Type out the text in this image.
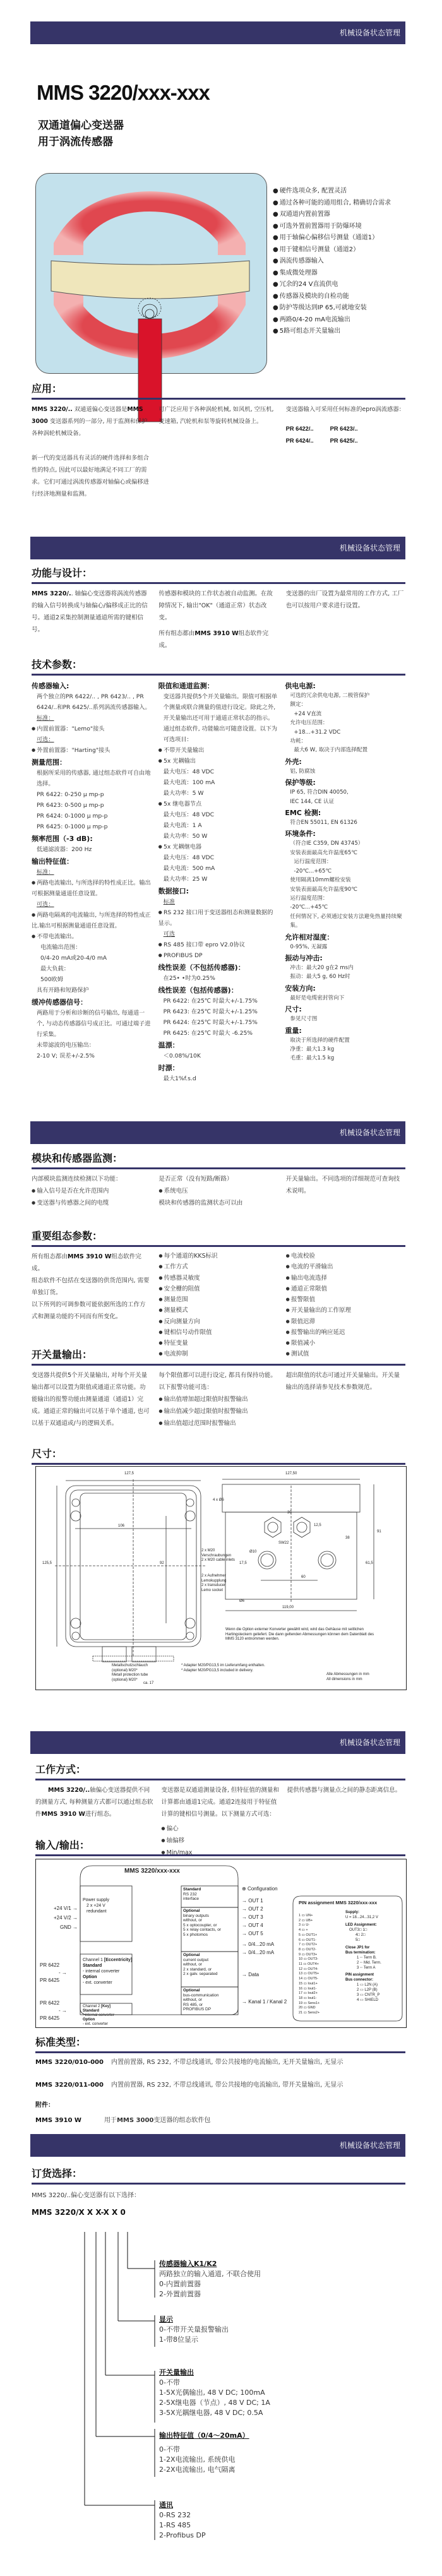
机械设备状态管理
MMS 3220/xxx-xxx
双通道偏心变送器
用于涡流传感器
● 硬件选项众多, 配置灵活
● 通过各种可能的通用组合, 精确切合需求
● 双通道内置前置器
● 可选外置前置器用于防爆环境
● 用于轴偏心偏移信号测量（通道1）
● 用于键相信号测量（通道2）
● 涡流传感器输入
● 集成微处理器
● 冗余的24 V直流供电
● 传感器及模块的自检功能
● 防护等级达到IP 65,可就地安装
● 两路0/4-20 mA电流输出
● 5路可组态开关量输出
应用：
MMS 3220/.. 双通道偏心变送器是MMS 3000 变送器系列的一部分, 用于监测和保护各种涡轮机械设备。
新一代的变送器具有灵活的硬件选择和多组合性的特点, 因此可以最好地满足不同工厂的需求。它们可通过涡流传感器对轴偏心或偏移进行经济地测量和监测。
可广泛应用于各种涡轮机械, 如风机, 空压机,变速箱, 汽轮机和泵等旋转机械设备上。
变送器输入可采用任何标准的epro涡流感器：
PR 6422/..	PR 6423/..
PR 6424/..	PR 6425/..
机械设备状态管理
功能与设计：
MMS 3220/.. 轴偏心变送器将涡流传感器的输入信号转换成与轴偏心/偏移成正比的信号。通道2采集控制测量通道所需的键相信号。
传感器和模块的工作状态被自动监测。在故障情况下, 输出"OK"（通道正常）状态改变。
所有组态都由MMS 3910 W组态软件完成。
变送器的出厂设置为最常用的工作方式, 工厂也可以按用户要求进行设置。
技术参数：
传感器输入:
两个独立的PR 6422/.. , PR 6423/.. , PR 6424/..和PR 6425/..系列涡流传感器输入。
标准：
● 内置前置器："Lemo"接头
可选：
● 外置前置器："Harting"接头
测量范围：
根据所采用的传感器, 通过组态软件可自由地选择。
PR 6422: 0-250 μ mp-p
PR 6423: 0-500 μ mp-p
PR 6424: 0-1000 μ mp-p
PR 6425: 0-1000 μ mp-p
频率范围（-3 dB):
低通滤波器：200 Hz
输出特征值：
标准：
● 两路电流输出, 与所选择的特性成正比。输出可根据测量通道任意设置。
可选：
● 两路电隔离的电流输出, 与所选择的特性成正比.输出可根据测量通道任意设置。
● 不带电流输出。
电流输出范围：
0/4-20 mA或20-4/0 mA
最大负载：
500欧姆
具有开路和短路保护
缓冲传感器信号：
两路用于分析和诊断的信号输出, 每通道一个, 与动态传感器信号成正比。可通过端子进行采集。
未带滤波的电压输出：
2-10 V; 误差+/-2.5%
限值和通道监测：
变送器共提供5个开关量输出。限值可根据单个测量或联合测量的值进行设定。除此之外, 开关量输出还可用于通道正常状态的指示。通过组态软件, 功能输出可随意设置。以下为可选项目：
● 不带开关量输出
● 5x 光耦输出
最大电压：48 VDC
最大电流：100 mA
最大功率：5 W
● 5x 继电器节点
最大电压：48 VDC
最大电流：1 A
最大功率：50 W
● 5x 光耦继电器
最大电压：48 VDC
最大电流：500 mA
最大功率：25 W
数据接口:
标准
● RS 232 接口用于变送器组态和测量数据的显示。
可选
● RS 485 接口带 epro V2.0协议
● PROFIBUS DP
线性误差（不包括传感器)：
在25• •时为0.25%
线性误差（包括传感器)：
PR 6422: 在25℃ 时最大+/-1.75%
PR 6423: 在25℃ 时最大+/-1.25%
PR 6424: 在25℃ 时最大+/-1.75%
PR 6425: 在25℃ 时最大 -6.25%
温漂：
＜0.08%/10K
时漂：
最大1%f.s.d
供电电源:
可选的冗余供电电源, 二极管保护
额定：
+24 V直流
允许电压范围：
+18...+31.2 VDC
功耗：
最大6 W, 取决于内部选择配置
外壳:
铝, 防腐蚀
保护等级:
IP 65, 符合DIN 40050,
IEC 144, CE 认证
EMC 检测:
符合EN 55011, EN 61326
环境条件:
（符合IE C359, DN 43745）
安装表面最高允许温度65℃
运行温度范围：
-20℃...+65℃
使用隔离10mm螺栓安装
安装表面最高允许温度90℃
运行温度范围：
-20℃...+45℃
任何情况下, 必须通过安装方法避免热量持续聚集。
允许相对湿度：
0-95%, 无凝露
振动与冲击:
冲击：最大20 g在2 ms内
振动：最大5 g, 60 Hz时
安装方向:
最好是电缆密封管向下
尺寸:
参见尺寸图
重量:
取决于所选择的硬件配置
净重：最大1.3 kg
毛重：最大1.5 kg
机械设备状态管理
模块和传感器监测：
内部模块监测连续检测以下功能：
● 输入信号是否在允许范围内
● 变送器与传感器之间的电缆
是否正常（没有短路/断路）
● 系统电压
模块和传感器的监测状态可以由
开关量输出。不同选项的详细规范可查询技术说明。
重要组态参数：
所有组态都由MMS 3910 W组态软件完成。
组态软件不包括在变送器的供货范围内, 需要单独订货。
以下所列的可调参数可能依据所选的工作方式和测量功能的不同而有所变化。
● 每个通道的KKS标识
● 工作方式
● 传感器灵敏度
● 安全栅的阻值
● 测量范围
● 测量模式
● 反向测量方向
● 键相信号动作限值
● 特征变量
● 电流抑制
● 电流校验
● 电流的平滑输出
● 输出电流选择
● 通道正常限值
● 报警限值
● 开关量输出的工作原理
● 限值迟滞
● 报警输出的响应延迟
● 限值减小
● 测试值
开关量输出：
变送器共提供5个开关量输出, 对每个开关量输出都可以设置为限值或通道正常功能。功能输出的报警功能由测量通道（通道1）完成。通道正常的输出可以基于单个通道, 也可以基于双通道或/与的逻辑关系。
每个限值都可以进行设定, 都具有保持功能。以下报警功能可选：
● 输出值增加超过限值时报警输出
● 输出值减少超过限值时报警输出
● 输出值超过范围时报警输出
超出限值的状态可通过开关量输出。开关量输出的选择请参见技术参数规范。
尺寸：
127,5	127,50
4 x Ø6
106
92
125,5
30
12,5
38
91
61,5
Ø10
17,5
SW22
60
Ø6
119,00
2 x M20 Verschraubungen
2 x M20 cable inlets
2 x Aufnehmer
Lemokupplung
2 x transducer
Lemo socket
Wenn die Option externer Konverter gewählt wird, wird das Gehäuse mit seitlichen
Hartingsteckern geliefert. Die dann geltenden Abmessungen können dem Datenblatt des
MMS 3120 entnommen werden.
Metallschutzschlauch
(optional) M20*
Metall protection tube
(optional) M20*
* Adapter M20/PG13,5 im Lieferumfang enthalten.
* Adapter M20/PG13,5 included in delivery.
ca. 17
Alle Abmessungen in mm
All dimensions in mm
机械设备状态管理
工作方式：
MMS 3220/..轴偏心变送器提供不同的测量方式, 每种测量方式都可以通过组态软件MMS 3910 W进行组态。
变送器是双通道测量设备, 但特征值的测量和计算都由通道1完成。通道2连接用于特征值计算的键相信号测量。以下测量方式可选：
● 偏心
● 轴偏移
● Min/max
提供传感器与测量点之间的静态距离信息。
输入/输出：
MMS 3220/xxx-xxx
+24 V/1 →
+24 V/2 →
GND →
Power supply
2 x +24 V
redundant
PR 6422
- →
PR 6425
Channel 1 [Eccentricity]
Standard
- internal converter
Option
- ext. converter
PR 6422
- →
PR 6425
Channel 2 [Key]
Standard
- internal converter
Option
- ext. converter
Standard
RS 232
interface
Optional
binary outputs
without, or
5 x optocoupler, or
5 x relay contacts, or
5 x photomos
Optional
current output
without, or
2 x standard, or
2 x galv. separated
Optional
bus-communication
without, or
RS 485, or
PROFIBUS DP
⊕ Configuration
→ OUT 1
→ OUT 2
→ OUT 3
→ OUT 4
→ OUT 5
→ 0/4...20 mA
→ 0/4...20 mA
→ Data
→ Kanal 1 / Kanal 2
PIN assignment MMS 3220/xxx-xxx
1 ▭ UN+
2 ▭ UB+
3 ▭ U-
4 ▭ +
5 ▭ OUT1+
6 ▭ OUT1-
7 ▭ OUT2+
8 ▭ OUT2-
9 ▭ OUT3+
10 ▭ OUT3-
11 ▭ OUT4+
12 ▭ OUT4-
13 ▭ OUT5+
14 ▭ OUT5-
15 ▭ Iout1+
16 ▭ Iout1-
17 ▭ Iout2+
18 ▭ Iout1-
19 ▭ Sens1+
20 ▭ GND
21 ▭ Sens2+
Supply:
U = 18...24...31,2 V
LED Assignment:
OUT3□ 1□
4□ 2□
5□
Close JP1 for
Bus termination:
1 ◦◦ Term B.
2 ◦◦ Mid. Term.
3 ◦◦ Term A
PIN assignment
Bus connector:
1 ▭ L2N (A)
2 ▭ L2P (B)
3 ▭ CNTR_P
4 ▭ SHIELD
标准类型：
MMS 3220/010-000 内置前置器, RS 232, 不带总线通讯, 带公共接地的电流输出, 无开关量输出, 无显示
MMS 3220/011-000 内置前置器, RS 232, 不带总线通讯, 带公共接地的电流输出, 带开关量输出, 无显示
附件：
MMS 3910 W	用于MMS 3000变送器的组态软件包
机械设备状态管理
订货选择：
MMS 3220/..偏心变送器有以下选择：
MMS 3220/X X X-X X 0
传感器输入K1/K2
两路独立的输入通道, 不联合使用
0-内置前置器
2-外置前置器
显示
0-不带开关量报警输出
1-带8位显示
开关量输出
0-不带
1-5X光偶输出, 48 V DC; 100mA
2-5X继电器（节点）, 48 V DC; 1A
3-5X光耦继电器, 48 V DC; 0.5A
输出特征值（0/4～20mA）
0-不带
1-2X电流输出, 系统供电
2-2X电流输出, 电气隔离
通讯
0-RS 232
1-RS 485
2-Profibus DP
